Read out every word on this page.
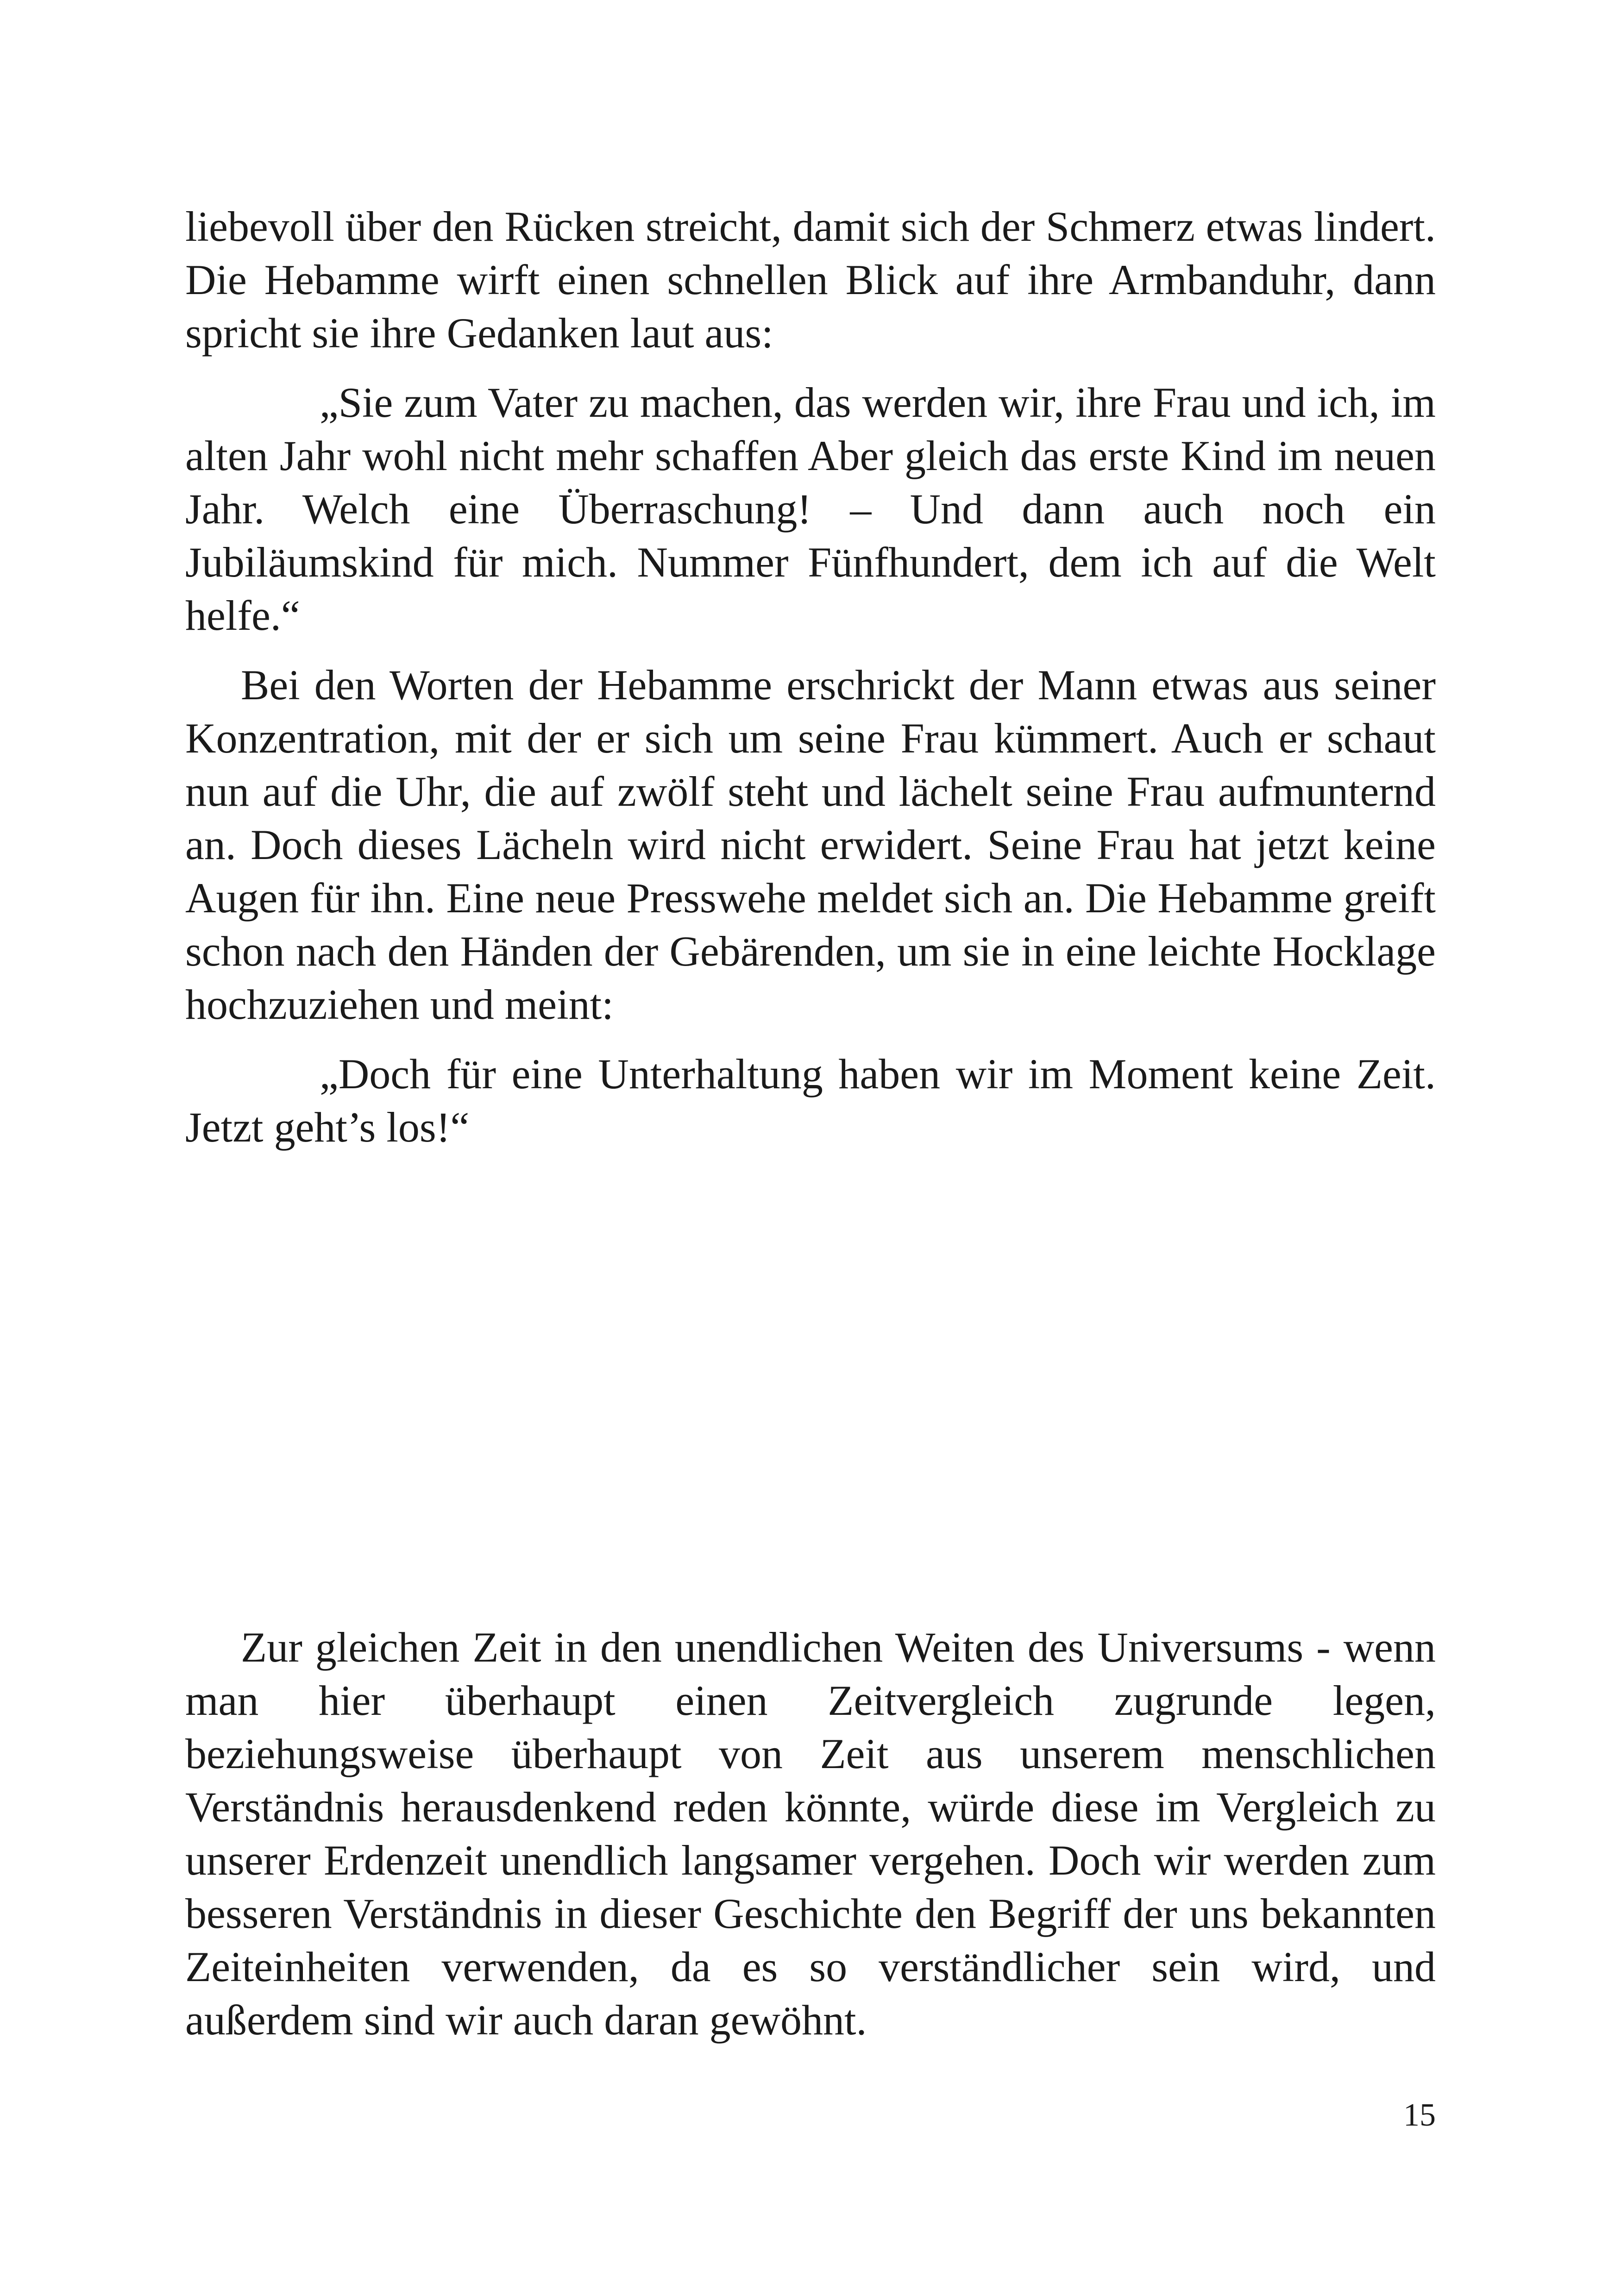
liebevoll über den Rücken streicht, damit sich der Schmerz etwas lindert. Die Hebamme wirft einen schnellen Blick auf ihre Armbanduhr, dann spricht sie ihre Gedanken laut aus:

„Sie zum Vater zu machen, das werden wir, ihre Frau und ich, im alten Jahr wohl nicht mehr schaffen Aber gleich das erste Kind im neuen Jahr. Welch eine Überraschung! – Und dann auch noch ein Jubiläumskind für mich. Nummer Fünfhundert, dem ich auf die Welt helfe.“

Bei den Worten der Hebamme erschrickt der Mann etwas aus seiner Konzentration, mit der er sich um seine Frau kümmert. Auch er schaut nun auf die Uhr, die auf zwölf steht und lächelt seine Frau aufmunternd an. Doch dieses Lächeln wird nicht erwidert. Seine Frau hat jetzt keine Augen für ihn. Eine neue Presswehe meldet sich an. Die Hebamme greift schon nach den Händen der Gebärenden, um sie in eine leichte Hocklage hochzuziehen und meint:

„Doch für eine Unterhaltung haben wir im Moment keine Zeit. Jetzt geht’s los!“

Zur gleichen Zeit in den unendlichen Weiten des Universums - wenn man hier überhaupt einen Zeitvergleich zugrunde legen, beziehungsweise überhaupt von Zeit aus unserem menschlichen Verständnis herausdenkend reden könnte, würde diese im Vergleich zu unserer Erdenzeit unendlich langsamer vergehen. Doch wir werden zum besseren Verständnis in dieser Geschichte den Begriff der uns bekannten Zeiteinheiten verwenden, da es so verständlicher sein wird, und außerdem sind wir auch daran gewöhnt.

15
